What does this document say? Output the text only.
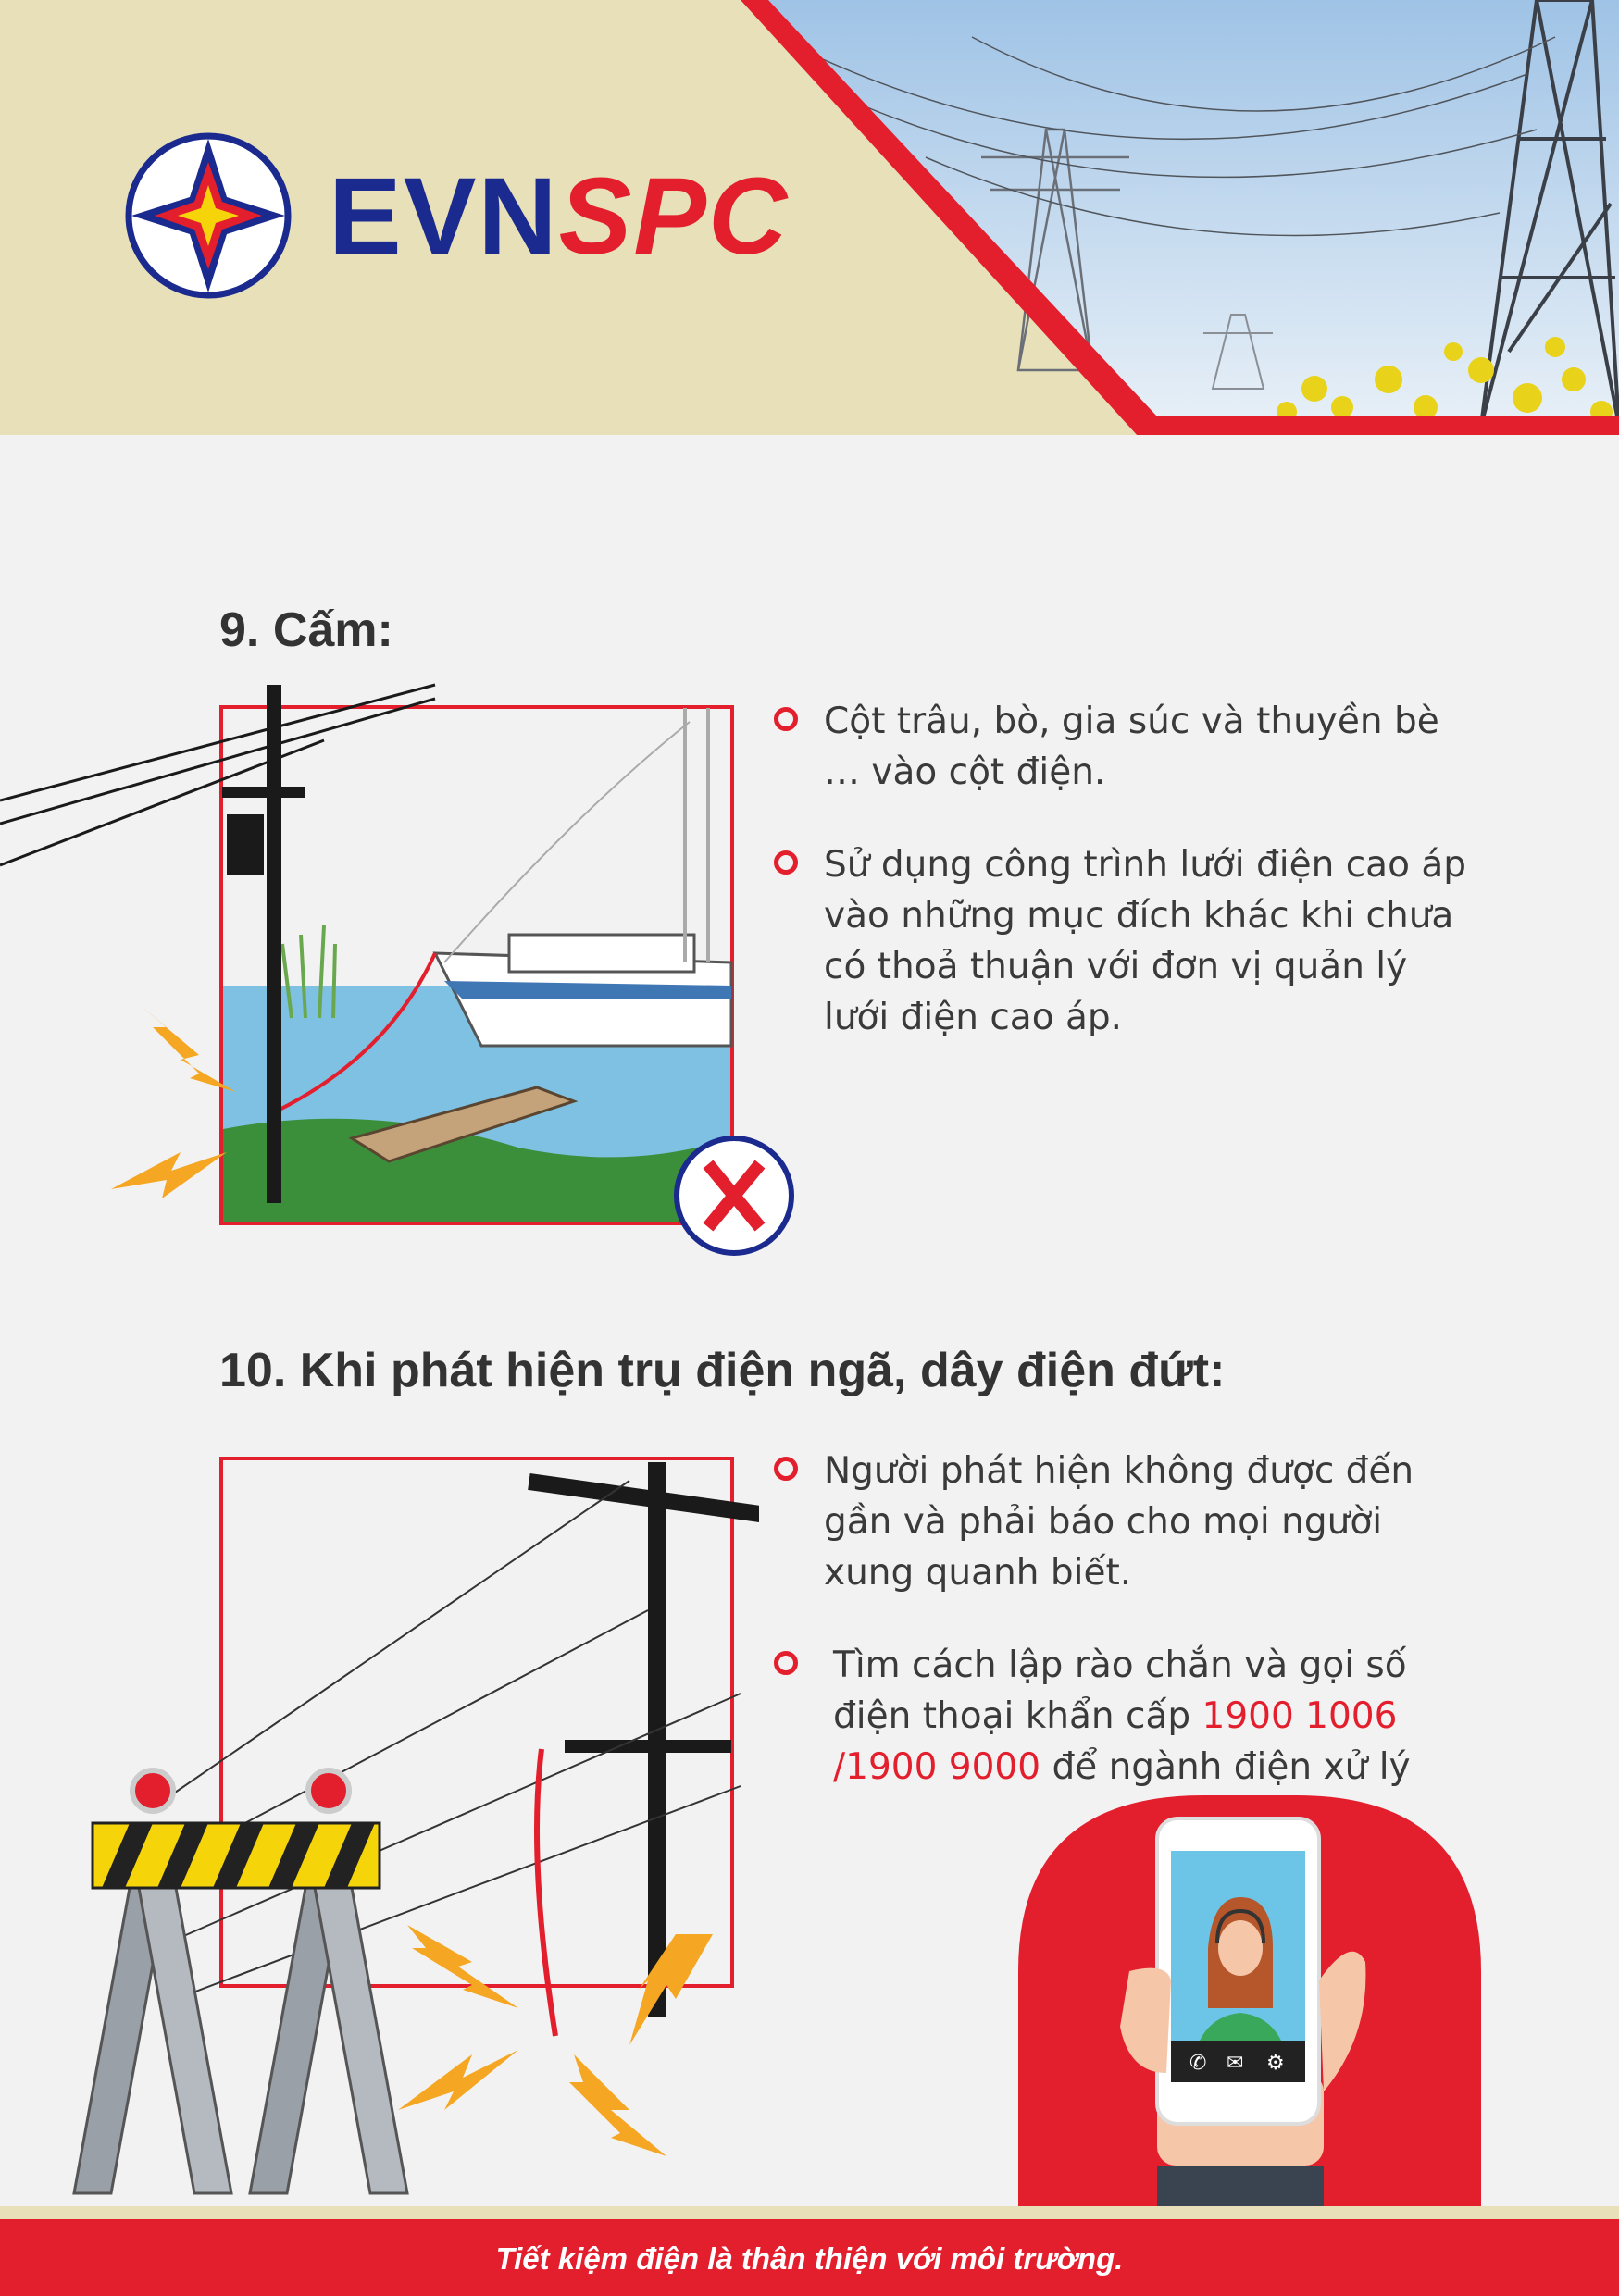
EVNSPC
9. Cấm:
Cột trâu, bò, gia súc và thuyền bè … vào cột điện.
Sử dụng công trình lưới điện cao áp vào những mục đích khác khi chưa có thoả thuận với đơn vị quản lý lưới điện cao áp.
10. Khi phát hiện trụ điện ngã, dây điện đứt:
Người phát hiện không được đến gần và phải báo cho mọi người xung quanh biết.
Tìm cách lập rào chắn và gọi số điện thoại khẩn cấp 1900 1006 /1900 9000 để ngành điện xử lý
✆ ✉ ⚙
Tiết kiệm điện là thân thiện với môi trường.
